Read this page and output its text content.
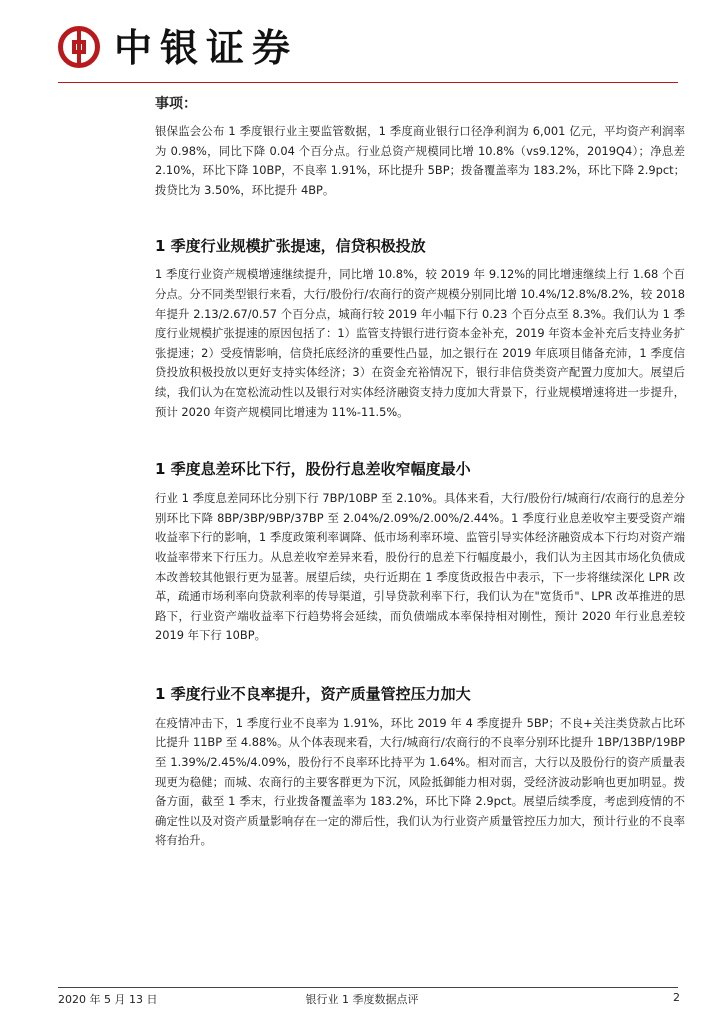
中银证券
事项：

银保监会公布 1 季度银行业主要监管数据，1 季度商业银行口径净利润为 6,001 亿元，平均资产利润率为 0.98%，同比下降 0.04 个百分点。行业总资产规模同比增 10.8%（vs9.12%，2019Q4）；净息差 2.10%，环比下降 10BP，不良率 1.91%，环比提升 5BP；拨备覆盖率为 183.2%，环比下降 2.9pct；拨贷比为 3.50%，环比提升 4BP。

1 季度行业规模扩张提速，信贷积极投放

1 季度行业资产规模增速继续提升，同比增 10.8%，较 2019 年 9.12%的同比增速继续上行 1.68 个百分点。分不同类型银行来看，大行/股份行/农商行的资产规模分别同比增 10.4%/12.8%/8.2%，较 2018 年提升 2.13/2.67/0.57 个百分点，城商行较 2019 年小幅下行 0.23 个百分点至 8.3%。我们认为 1 季度行业规模扩张提速的原因包括了：1）监管支持银行进行资本金补充，2019 年资本金补充后支持业务扩张提速；2）受疫情影响，信贷托底经济的重要性凸显，加之银行在 2019 年底项目储备充沛，1 季度信贷投放积极投放以更好支持实体经济；3）在资金充裕情况下，银行非信贷类资产配置力度加大。展望后续，我们认为在宽松流动性以及银行对实体经济融资支持力度加大背景下，行业规模增速将进一步提升，预计 2020 年资产规模同比增速为 11%-11.5%。

1 季度息差环比下行，股份行息差收窄幅度最小

行业 1 季度息差同环比分别下行 7BP/10BP 至 2.10%。具体来看，大行/股份行/城商行/农商行的息差分别环比下降 8BP/3BP/9BP/37BP 至 2.04%/2.09%/2.00%/2.44%。1 季度行业息差收窄主要受资产端收益率下行的影响，1 季度政策利率调降、低市场利率环境、监管引导实体经济融资成本下行均对资产端收益率带来下行压力。从息差收窄差异来看，股份行的息差下行幅度最小，我们认为主因其市场化负债成本改善较其他银行更为显著。展望后续，央行近期在 1 季度货政报告中表示，下一步将继续深化 LPR 改革，疏通市场利率向贷款利率的传导渠道，引导贷款利率下行，我们认为在"宽货币"、LPR 改革推进的思路下，行业资产端收益率下行趋势将会延续，而负债端成本率保持相对刚性，预计 2020 年行业息差较 2019 年下行 10BP。

1 季度行业不良率提升，资产质量管控压力加大

在疫情冲击下，1 季度行业不良率为 1.91%，环比 2019 年 4 季度提升 5BP；不良+关注类贷款占比环比提升 11BP 至 4.88%。从个体表现来看，大行/城商行/农商行的不良率分别环比提升 1BP/13BP/19BP 至 1.39%/2.45%/4.09%，股份行不良率环比持平为 1.64%。相对而言，大行以及股份行的资产质量表现更为稳健；而城、农商行的主要客群更为下沉，风险抵御能力相对弱，受经济波动影响也更加明显。拨备方面，截至 1 季末，行业拨备覆盖率为 183.2%，环比下降 2.9pct。展望后续季度，考虑到疫情的不确定性以及对资产质量影响存在一定的滞后性，我们认为行业资产质量管控压力加大，预计行业的不良率将有抬升。

2020 年 5 月 13 日	银行业 1 季度数据点评	2
